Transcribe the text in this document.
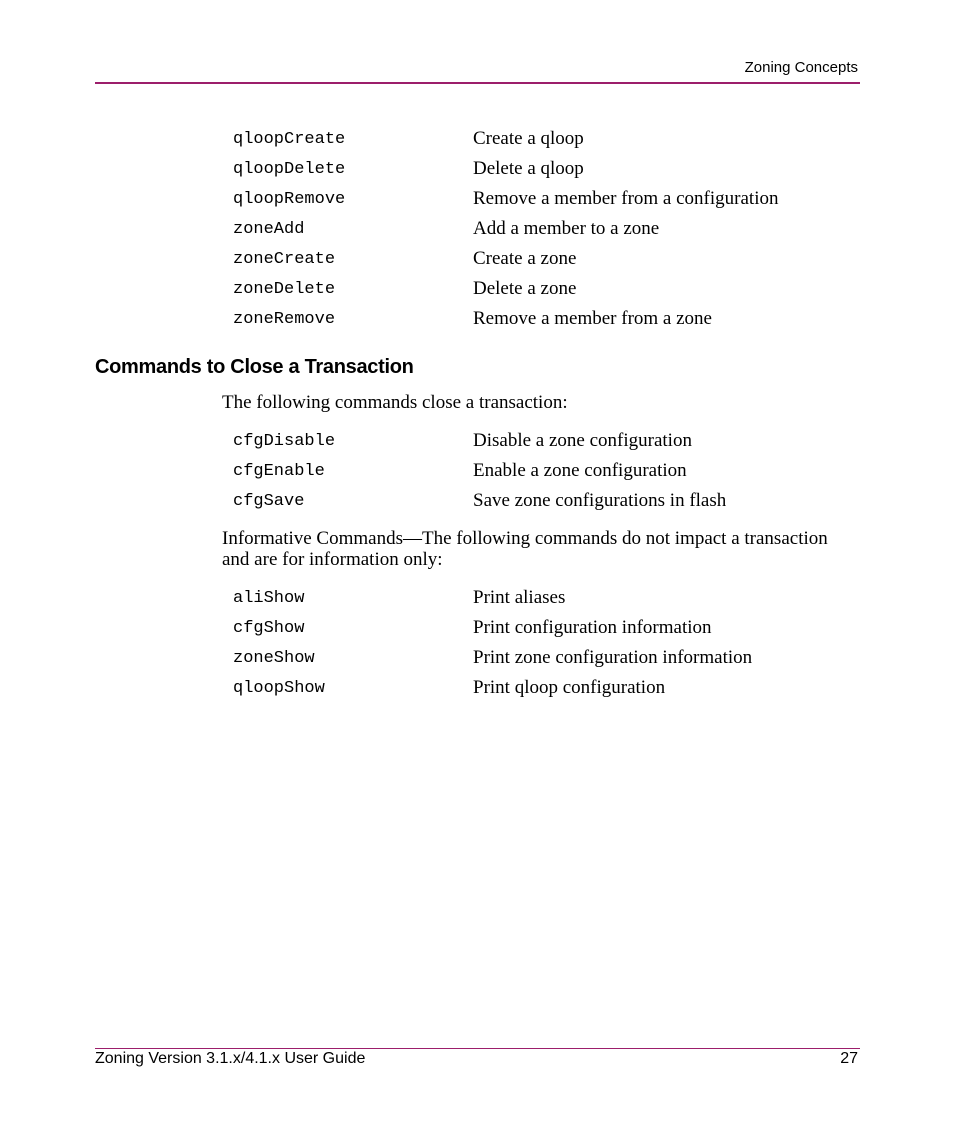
Zoning Concepts
qloopCreate	Create a qloop
qloopDelete	Delete a qloop
qloopRemove	Remove a member from a configuration
zoneAdd	Add a member to a zone
zoneCreate	Create a zone
zoneDelete	Delete a zone
zoneRemove	Remove a member from a zone
Commands to Close a Transaction
The following commands close a transaction:
cfgDisable	Disable a zone configuration
cfgEnable	Enable a zone configuration
cfgSave	Save zone configurations in flash
Informative Commands—The following commands do not impact a transaction and are for information only:
aliShow	Print aliases
cfgShow	Print configuration information
zoneShow	Print zone configuration information
qloopShow	Print qloop configuration
Zoning Version 3.1.x/4.1.x User Guide	27
